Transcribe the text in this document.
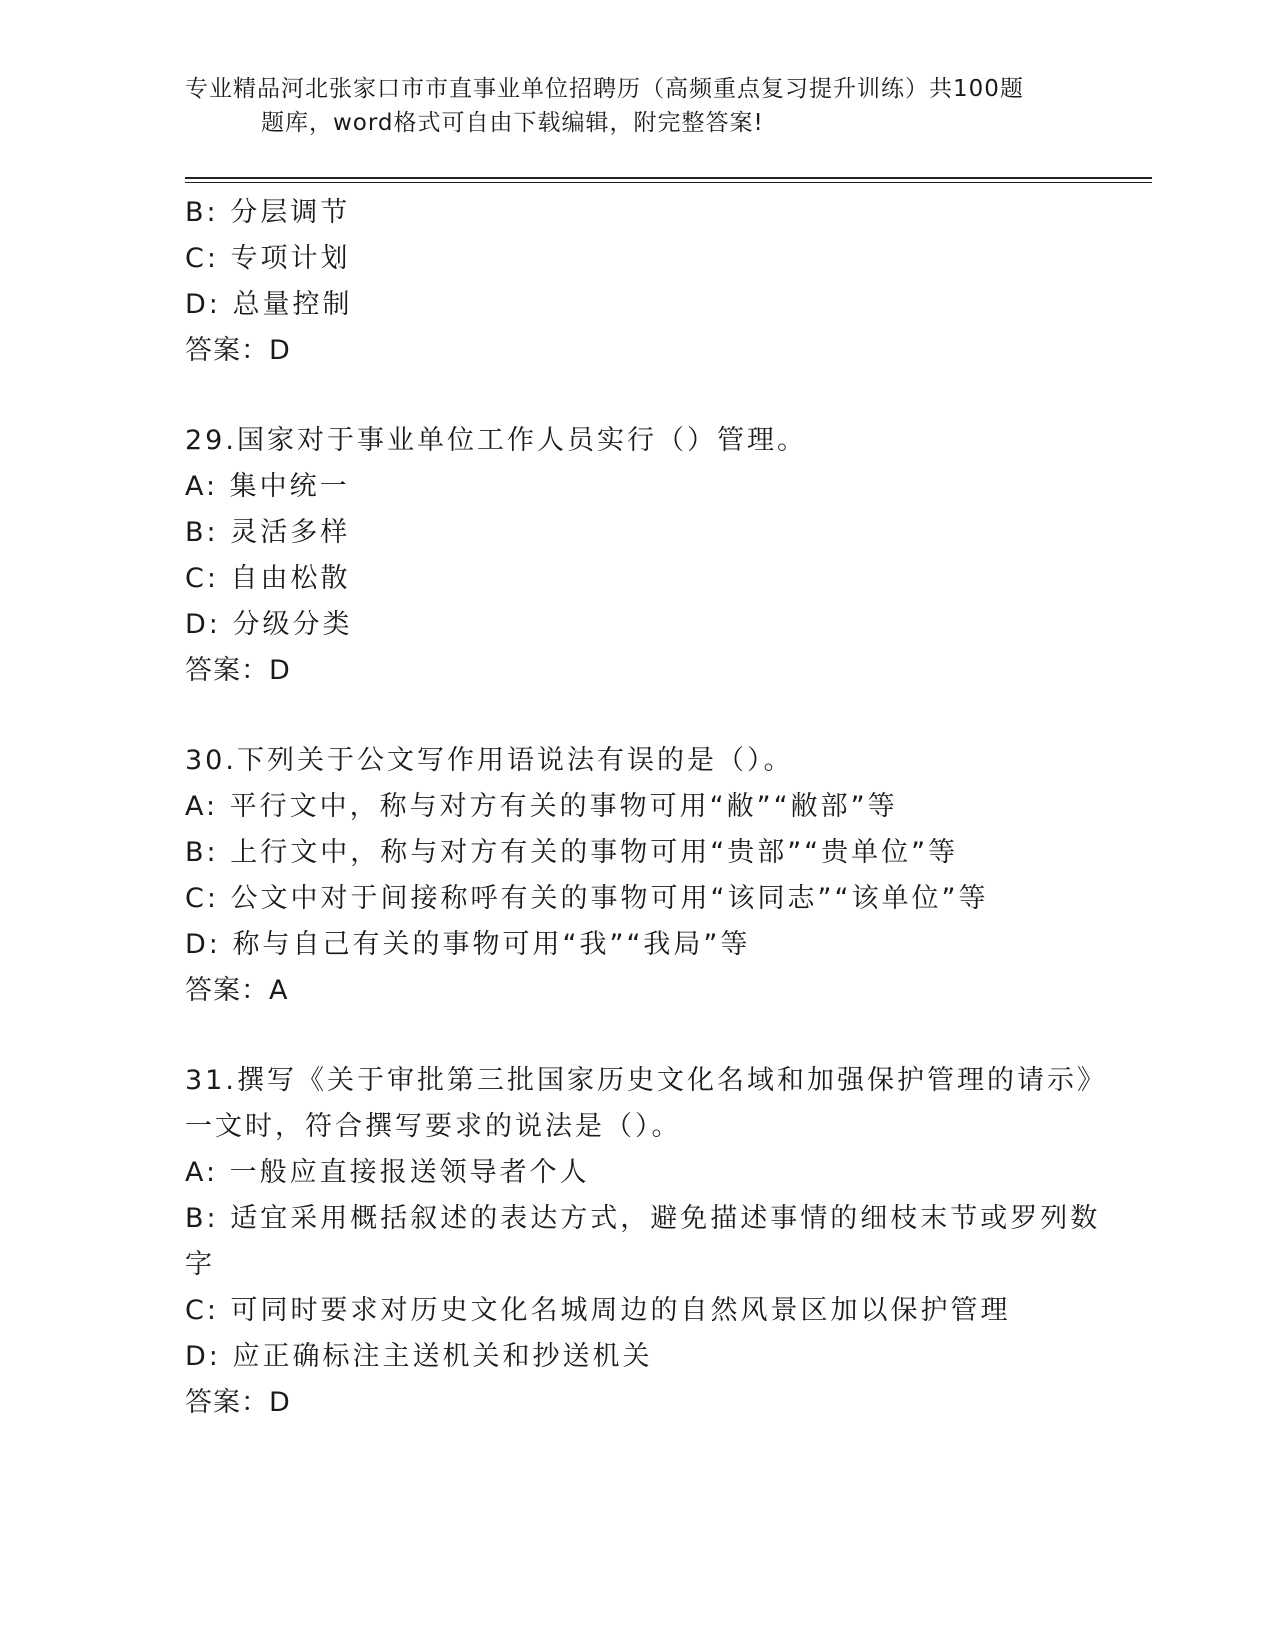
专业精品河北张家口市市直事业单位招聘历（高频重点复习提升训练）共100题
题库，word格式可自由下载编辑，附完整答案!
B: 分层调节
C: 专项计划
D: 总量控制
答案：D
29.国家对于事业单位工作人员实行（）管理。
A: 集中统一
B: 灵活多样
C: 自由松散
D: 分级分类
答案：D
30.下列关于公文写作用语说法有误的是（）。
A: 平行文中，称与对方有关的事物可用“敝”“敝部”等
B: 上行文中，称与对方有关的事物可用“贵部”“贵单位”等
C: 公文中对于间接称呼有关的事物可用“该同志”“该单位”等
D: 称与自己有关的事物可用“我”“我局”等
答案：A
31.撰写《关于审批第三批国家历史文化名域和加强保护管理的请示》
一文时，符合撰写要求的说法是（）。
A: 一般应直接报送领导者个人
B: 适宜采用概括叙述的表达方式，避免描述事情的细枝末节或罗列数
字
C: 可同时要求对历史文化名城周边的自然风景区加以保护管理
D: 应正确标注主送机关和抄送机关
答案：D
